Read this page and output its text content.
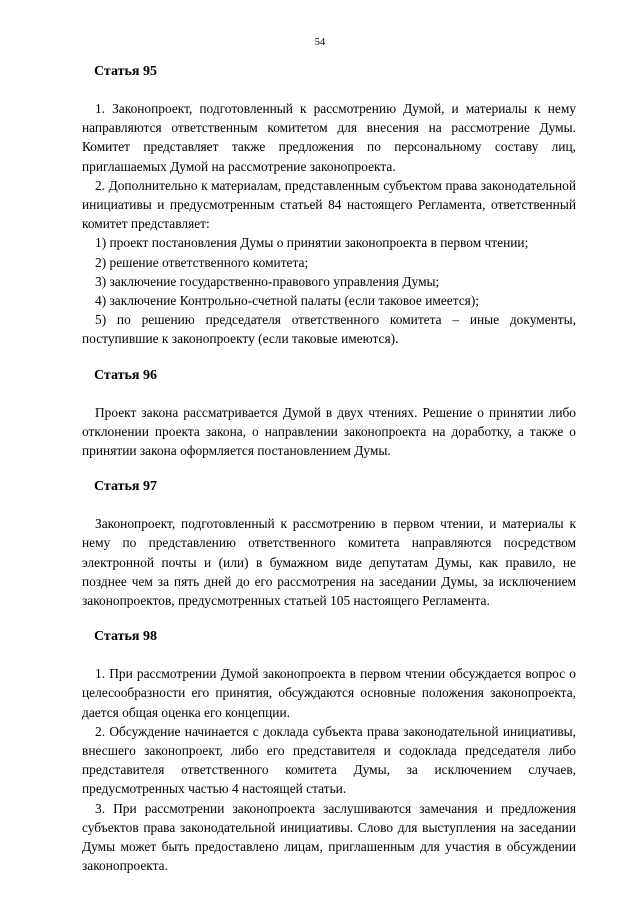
54
Статья 95

1. Законопроект, подготовленный к рассмотрению Думой, и материалы к нему направляются ответственным комитетом для внесения на рассмотрение Думы. Комитет представляет также предложения по персональному составу лиц, приглашаемых Думой на рассмотрение законопроекта.

2. Дополнительно к материалам, представленным субъектом права законодательной инициативы и предусмотренным статьей 84 настоящего Регламента, ответственный комитет представляет:

1) проект постановления Думы о принятии законопроекта в первом чтении;

2) решение ответственного комитета;

3) заключение государственно-правового управления Думы;

4) заключение Контрольно-счетной палаты (если таковое имеется);

5) по решению председателя ответственного комитета – иные документы, поступившие к законопроекту (если таковые имеются).

Статья 96

Проект закона рассматривается Думой в двух чтениях. Решение о принятии либо отклонении проекта закона, о направлении законопроекта на доработку, а также о принятии закона оформляется постановлением Думы.

Статья 97

Законопроект, подготовленный к рассмотрению в первом чтении, и материалы к нему по представлению ответственного комитета направляются посредством электронной почты и (или) в бумажном виде депутатам Думы, как правило, не позднее чем за пять дней до его рассмотрения на заседании Думы, за исключением законопроектов, предусмотренных статьей 105 настоящего Регламента.

Статья 98

1. При рассмотрении Думой законопроекта в первом чтении обсуждается вопрос о целесообразности его принятия, обсуждаются основные положения законопроекта, дается общая оценка его концепции.

2. Обсуждение начинается с доклада субъекта права законодательной инициативы, внесшего законопроект, либо его представителя и содоклада председателя либо представителя ответственного комитета Думы, за исключением случаев, предусмотренных частью 4 настоящей статьи.

3. При рассмотрении законопроекта заслушиваются замечания и предложения субъектов права законодательной инициативы. Слово для выступления на заседании Думы может быть предоставлено лицам, приглашенным для участия в обсуждении законопроекта.
